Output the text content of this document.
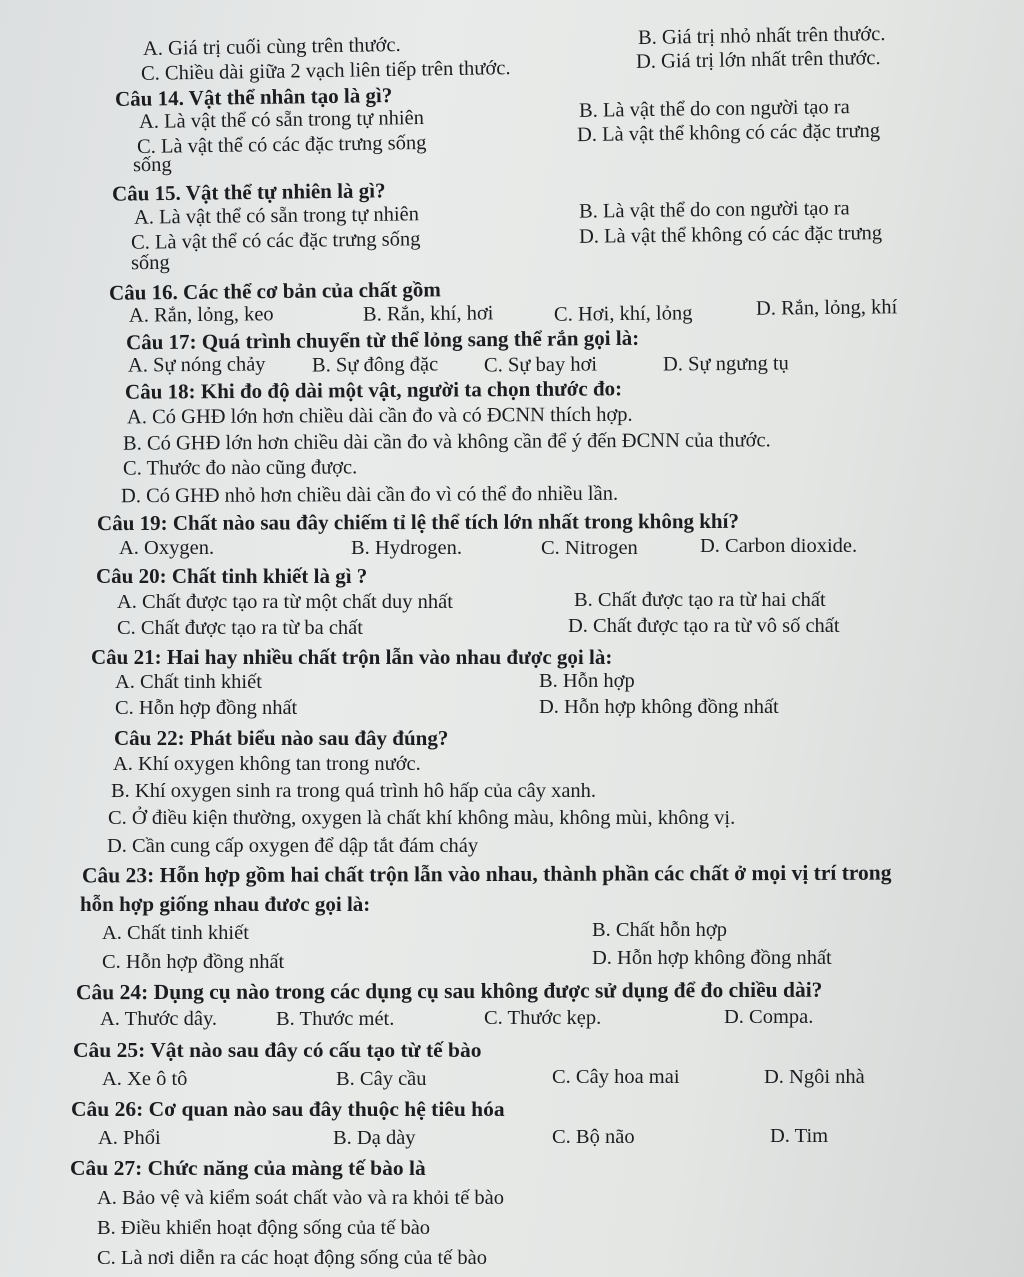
A. Giá trị cuối cùng trên thước.	B. Giá trị nhỏ nhất trên thước.
C. Chiều dài giữa 2 vạch liên tiếp trên thước.	D. Giá trị lớn nhất trên thước.
Câu 14. Vật thể nhân tạo là gì?
A. Là vật thể có sẵn trong tự nhiên	B. Là vật thể do con người tạo ra
C. Là vật thể có các đặc trưng sống	D. Là vật thể không có các đặc trưng
sống
Câu 15. Vật thể tự nhiên là gì?
A. Là vật thể có sẵn trong tự nhiên	B. Là vật thể do con người tạo ra
C. Là vật thể có các đặc trưng sống	D. Là vật thể không có các đặc trưng
sống
Câu 16. Các thể cơ bản của chất gồm
A. Rắn, lỏng, keo	B. Rắn, khí, hơi	C. Hơi, khí, lỏng	D. Rắn, lỏng, khí
Câu 17: Quá trình chuyển từ thể lỏng sang thể rắn gọi là:
A. Sự nóng chảy B. Sự đông đặc C. Sự bay hơi	D. Sự ngưng tụ
Câu 18: Khi đo độ dài một vật, người ta chọn thước đo:
A. Có GHĐ lớn hơn chiều dài cần đo và có ĐCNN thích hợp.
B. Có GHĐ lớn hơn chiều dài cần đo và không cần để ý đến ĐCNN của thước.
C. Thước đo nào cũng được.
D. Có GHĐ nhỏ hơn chiều dài cần đo vì có thể đo nhiều lần.
Câu 19: Chất nào sau đây chiếm tỉ lệ thể tích lớn nhất trong không khí?
A. Oxygen.	B. Hydrogen.	C. Nitrogen	D. Carbon dioxide.
Câu 20: Chất tinh khiết là gì ?
A. Chất được tạo ra từ một chất duy nhất	B. Chất được tạo ra từ hai chất
C. Chất được tạo ra từ ba chất	D. Chất được tạo ra từ vô số chất
Câu 21: Hai hay nhiều chất trộn lẫn vào nhau được gọi là:
A. Chất tinh khiết	B. Hỗn hợp
C. Hỗn hợp đồng nhất	D. Hỗn hợp không đồng nhất
Câu 22: Phát biểu nào sau đây đúng?
A. Khí oxygen không tan trong nước.
B. Khí oxygen sinh ra trong quá trình hô hấp của cây xanh.
C. Ở điều kiện thường, oxygen là chất khí không màu, không mùi, không vị.
D. Cần cung cấp oxygen để dập tắt đám cháy
Câu 23: Hỗn hợp gồm hai chất trộn lẫn vào nhau, thành phần các chất ở mọi vị trí trong
hỗn hợp giống nhau đươc gọi là:
A. Chất tinh khiết	B. Chất hỗn hợp
C. Hỗn hợp đồng nhất	D. Hỗn hợp không đồng nhất
Câu 24: Dụng cụ nào trong các dụng cụ sau không được sử dụng để đo chiều dài?
A. Thước dây.	B. Thước mét.	C. Thước kẹp.	D. Compa.
Câu 25: Vật nào sau đây có cấu tạo từ tế bào
A. Xe ô tô	B. Cây cầu	C. Cây hoa mai	D. Ngôi nhà
Câu 26: Cơ quan nào sau đây thuộc hệ tiêu hóa
A. Phổi	B. Dạ dày	C. Bộ não	D. Tim
Câu 27: Chức năng của màng tế bào là
A. Bảo vệ và kiểm soát chất vào và ra khỏi tế bào
B. Điều khiển hoạt động sống của tế bào
C. Là nơi diễn ra các hoạt động sống của tế bào
